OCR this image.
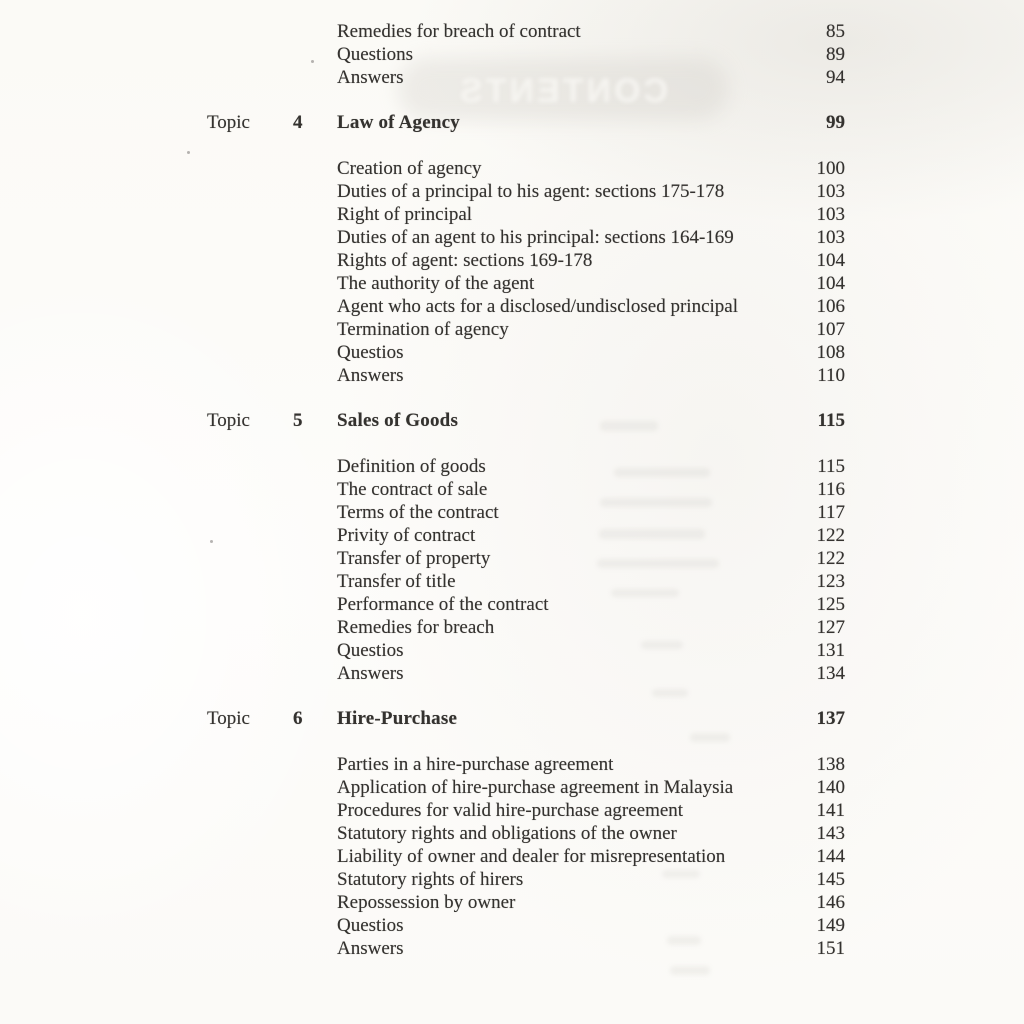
CONTENTS
Remedies for breach of contract	85
Questions	89
Answers	94
Topic	4	Law of Agency	99
Creation of agency	100
Duties of a principal to his agent: sections 175-178	103
Right of principal	103
Duties of an agent to his principal: sections 164-169	103
Rights of agent: sections 169-178	104
The authority of the agent	104
Agent who acts for a disclosed/undisclosed principal	106
Termination of agency	107
Questios	108
Answers	110
Topic	5	Sales of Goods	115
Definition of goods	115
The contract of sale	116
Terms of the contract	117
Privity of contract	122
Transfer of property	122
Transfer of title	123
Performance of the contract	125
Remedies for breach	127
Questios	131
Answers	134
Topic	6	Hire-Purchase	137
Parties in a hire-purchase agreement	138
Application of hire-purchase agreement in Malaysia	140
Procedures for valid hire-purchase agreement	141
Statutory rights and obligations of the owner	143
Liability of owner and dealer for misrepresentation	144
Statutory rights of hirers	145
Repossession by owner	146
Questios	149
Answers	151
